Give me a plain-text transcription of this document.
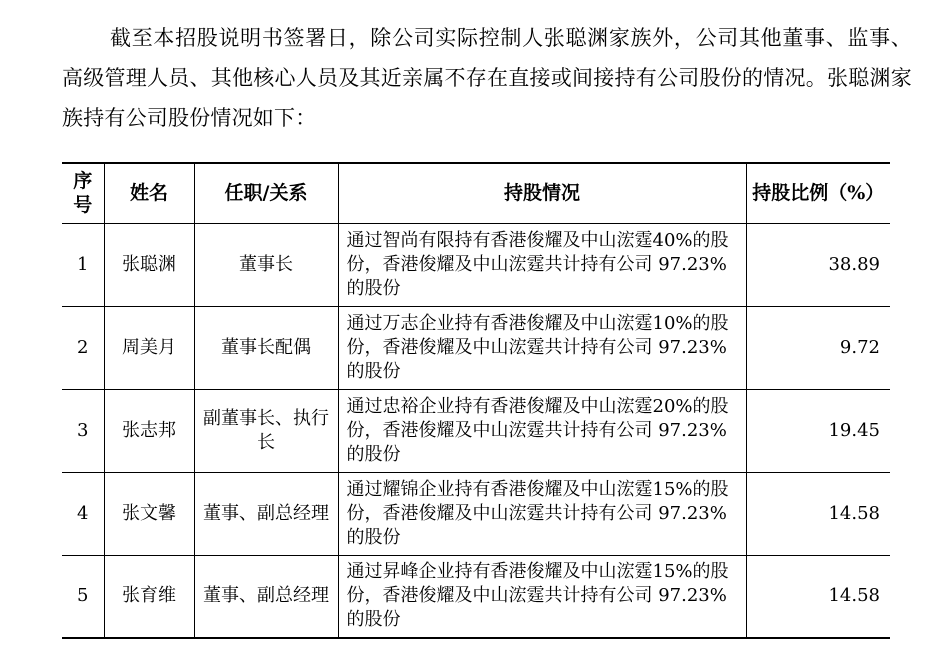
截至本招股说明书签署日，除公司实际控制人张聪渊家族外，公司其他董事、监事、高级管理人员、其他核心人员及其近亲属不存在直接或间接持有公司股份的情况。张聪渊家族持有公司股份情况如下：

序号	姓名	任职/关系	持股情况	持股比例（%）
1	张聪渊	董事长	通过智尚有限持有香港俊耀及中山浤霆40%的股份，香港俊耀及中山浤霆共计持有公司 97.23%的股份	38.89
2	周美月	董事长配偶	通过万志企业持有香港俊耀及中山浤霆10%的股份，香港俊耀及中山浤霆共计持有公司 97.23%的股份	9.72
3	张志邦	副董事长、执行长	通过忠裕企业持有香港俊耀及中山浤霆20%的股份，香港俊耀及中山浤霆共计持有公司 97.23%的股份	19.45
4	张文馨	董事、副总经理	通过耀锦企业持有香港俊耀及中山浤霆15%的股份，香港俊耀及中山浤霆共计持有公司 97.23%的股份	14.58
5	张育维	董事、副总经理	通过昇峰企业持有香港俊耀及中山浤霆15%的股份，香港俊耀及中山浤霆共计持有公司 97.23%的股份	14.58
